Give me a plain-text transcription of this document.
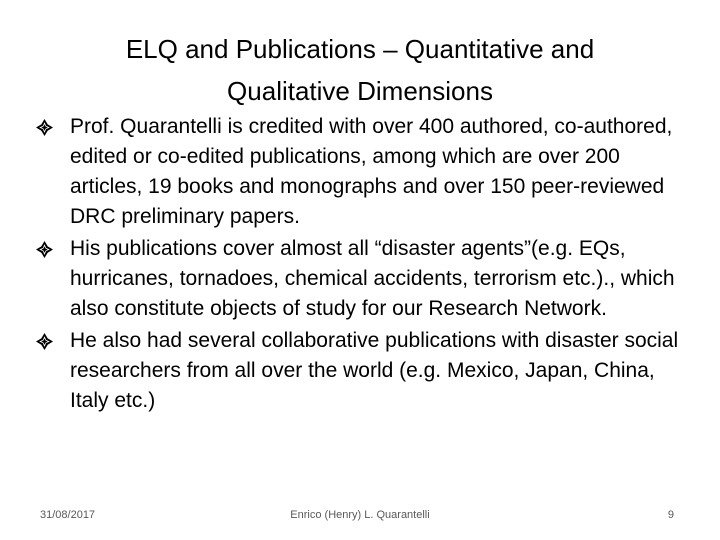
ELQ and Publications – Quantitative and
Qualitative Dimensions
Prof. Quarantelli is credited with over 400 authored, co-authored, edited or co-edited publications, among which are over 200 articles, 19 books and monographs and over 150 peer-reviewed DRC preliminary papers.
His publications cover almost all “disaster agents”(e.g. EQs, hurricanes, tornadoes, chemical accidents, terrorism etc.)., which also constitute objects of study for our Research Network.
He also had several collaborative publications with disaster social researchers from all over the world (e.g. Mexico, Japan, China, Italy etc.)
31/08/2017	Enrico (Henry) L. Quarantelli	9
